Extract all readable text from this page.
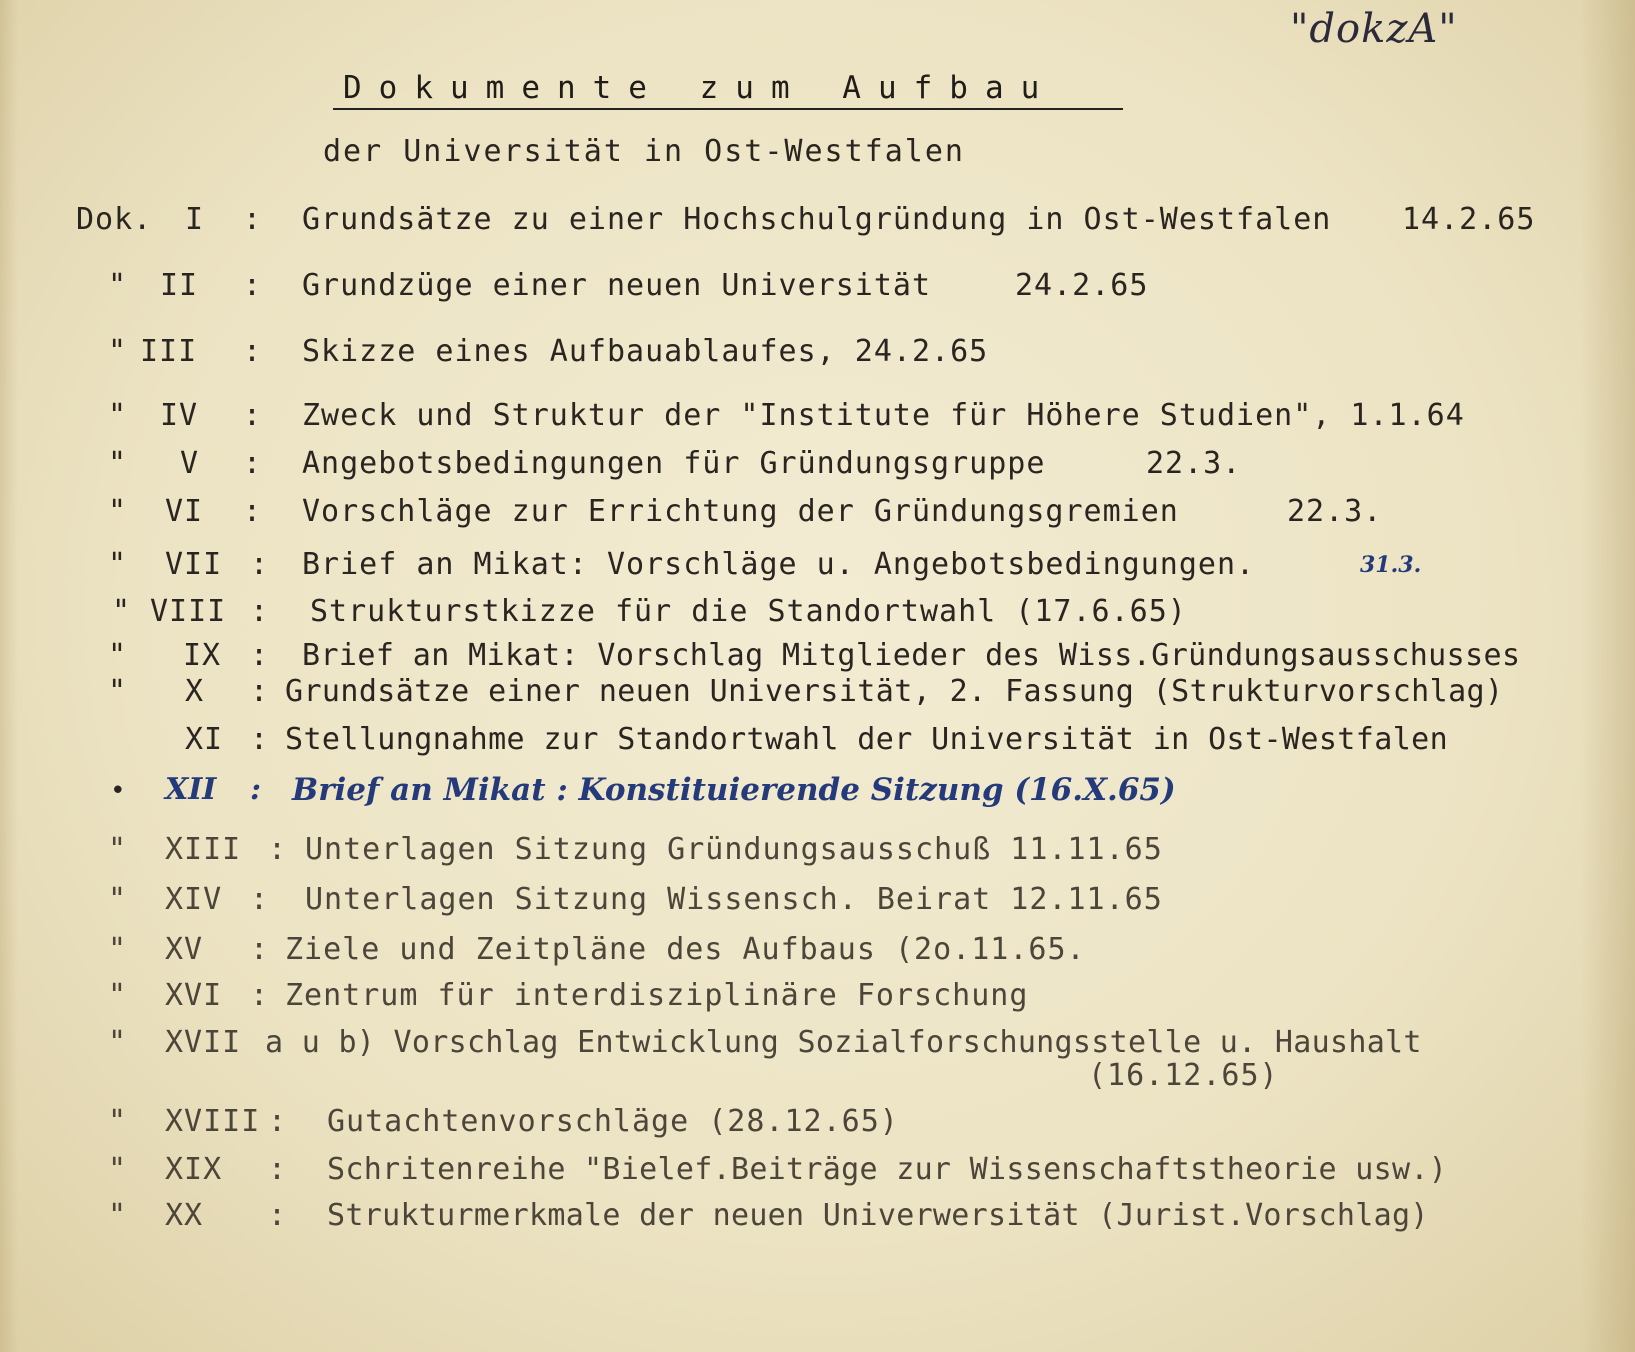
"dokzA"
Dokumente zum Aufbau
der Universität in Ost-Westfalen
Dok. I : Grundsätze zu einer Hochschulgründung in Ost-Westfalen 14.2.65
" II : Grundzüge einer neuen Universität	24.2.65
" III : Skizze eines Aufbauablaufes, 24.2.65
" IV : Zweck und Struktur der "Institute für Höhere Studien", 1.1.64
" V : Angebotsbedingungen für Gründungsgruppe	22.3.
" VI : Vorschläge zur Errichtung der Gründungsgremien	22.3.
" VII : Brief an Mikat: Vorschläge u. Angebotsbedingungen.	31.3.
" VIII : Strukturstkizze für die Standortwahl (17.6.65)
" IX : Brief an Mikat: Vorschlag Mitglieder des Wiss.Gründungsausschusses
" X : Grundsätze einer neuen Universität, 2. Fassung (Strukturvorschlag)
XI : Stellungnahme zur Standortwahl der Universität in Ost-Westfalen
• XII : Brief an Mikat : Konstituierende Sitzung (16.X.65)
" XIII : Unterlagen Sitzung Gründungsausschuß 11.11.65
" XIV : Unterlagen Sitzung Wissensch. Beirat 12.11.65
" XV : Ziele und Zeitpläne des Aufbaus (2o.11.65.
" XVI : Zentrum für interdisziplinäre Forschung
" XVII a u b) Vorschlag Entwicklung Sozialforschungsstelle u. Haushalt
(16.12.65)
" XVIII : Gutachtenvorschläge (28.12.65)
" XIX : Schritenreihe "Bielef.Beiträge zur Wissenschaftstheorie usw.)
" XX : Strukturmerkmale der neuen Univerwersität (Jurist.Vorschlag)
